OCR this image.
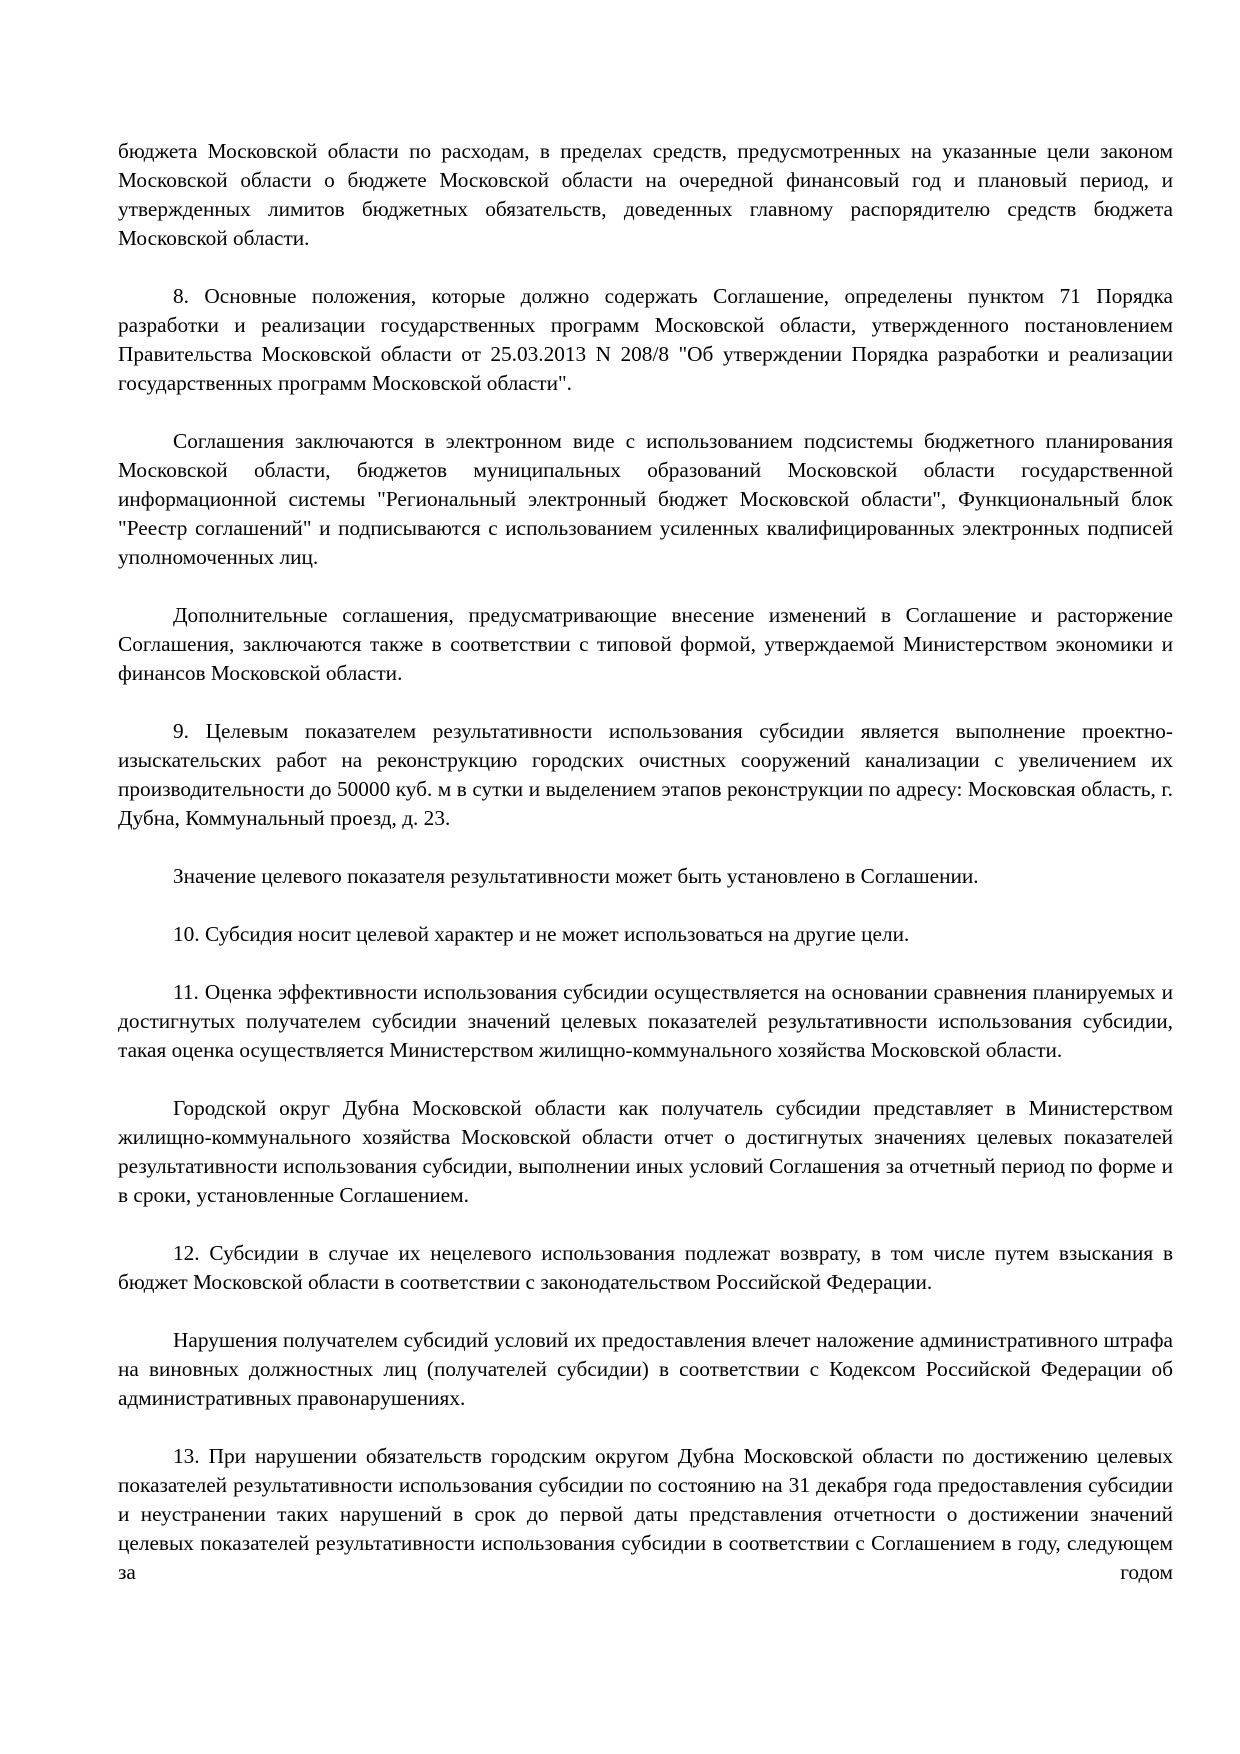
бюджета Московской области по расходам, в пределах средств, предусмотренных на указанные цели законом Московской области о бюджете Московской области на очередной финансовый год и плановый период, и утвержденных лимитов бюджетных обязательств, доведенных главному распорядителю средств бюджета Московской области.

8. Основные положения, которые должно содержать Соглашение, определены пунктом 71 Порядка разработки и реализации государственных программ Московской области, утвержденного постановлением Правительства Московской области от 25.03.2013 N 208/8 "Об утверждении Порядка разработки и реализации государственных программ Московской области".

Соглашения заключаются в электронном виде с использованием подсистемы бюджетного планирования Московской области, бюджетов муниципальных образований Московской области государственной информационной системы "Региональный электронный бюджет Московской области", Функциональный блок "Реестр соглашений" и подписываются с использованием усиленных квалифицированных электронных подписей уполномоченных лиц.

Дополнительные соглашения, предусматривающие внесение изменений в Соглашение и расторжение Соглашения, заключаются также в соответствии с типовой формой, утверждаемой Министерством экономики и финансов Московской области.

9. Целевым показателем результативности использования субсидии является выполнение проектно-изыскательских работ на реконструкцию городских очистных сооружений канализации с увеличением их производительности до 50000 куб. м в сутки и выделением этапов реконструкции по адресу: Московская область, г. Дубна, Коммунальный проезд, д. 23.

Значение целевого показателя результативности может быть установлено в Соглашении.

10. Субсидия носит целевой характер и не может использоваться на другие цели.

11. Оценка эффективности использования субсидии осуществляется на основании сравнения планируемых и достигнутых получателем субсидии значений целевых показателей результативности использования субсидии, такая оценка осуществляется Министерством жилищно-коммунального хозяйства Московской области.

Городской округ Дубна Московской области как получатель субсидии представляет в Министерством жилищно-коммунального хозяйства Московской области отчет о достигнутых значениях целевых показателей результативности использования субсидии, выполнении иных условий Соглашения за отчетный период по форме и в сроки, установленные Соглашением.

12. Субсидии в случае их нецелевого использования подлежат возврату, в том числе путем взыскания в бюджет Московской области в соответствии с законодательством Российской Федерации.

Нарушения получателем субсидий условий их предоставления влечет наложение административного штрафа на виновных должностных лиц (получателей субсидии) в соответствии с Кодексом Российской Федерации об административных правонарушениях.

13. При нарушении обязательств городским округом Дубна Московской области по достижению целевых показателей результативности использования субсидии по состоянию на 31 декабря года предоставления субсидии и неустранении таких нарушений в срок до первой даты представления отчетности о достижении значений целевых показателей результативности использования субсидии в соответствии с Соглашением в году, следующем за годом
